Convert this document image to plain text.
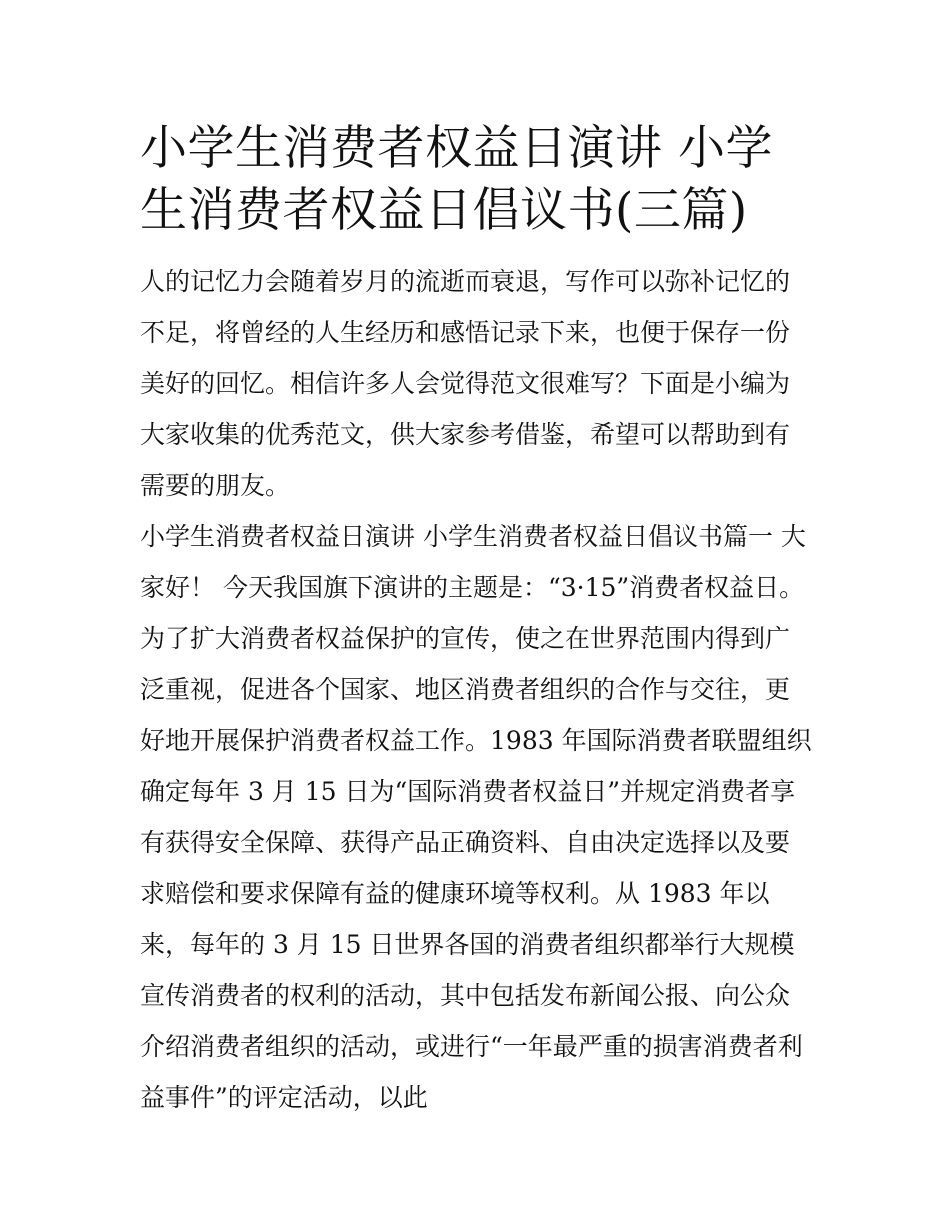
小学生消费者权益日演讲 小学生消费者权益日倡议书(三篇)

人的记忆力会随着岁月的流逝而衰退，写作可以弥补记忆的不足，将曾经的人生经历和感悟记录下来，也便于保存一份美好的回忆。相信许多人会觉得范文很难写？下面是小编为大家收集的优秀范文，供大家参考借鉴，希望可以帮助到有需要的朋友。

小学生消费者权益日演讲 小学生消费者权益日倡议书篇一 大家好！ 今天我国旗下演讲的主题是：“3·15”消费者权益日。

为了扩大消费者权益保护的宣传，使之在世界范围内得到广泛重视，促进各个国家、地区消费者组织的合作与交往，更好地开展保护消费者权益工作。1983 年国际消费者联盟组织确定每年 3 月 15 日为“国际消费者权益日”并规定消费者享有获得安全保障、获得产品正确资料、自由决定选择以及要求赔偿和要求保障有益的健康环境等权利。从 1983 年以来，每年的 3 月 15 日世界各国的消费者组织都举行大规模宣传消费者的权利的活动，其中包括发布新闻公报、向公众介绍消费者组织的活动，或进行“一年最严重的损害消费者利益事件”的评定活动，以此
